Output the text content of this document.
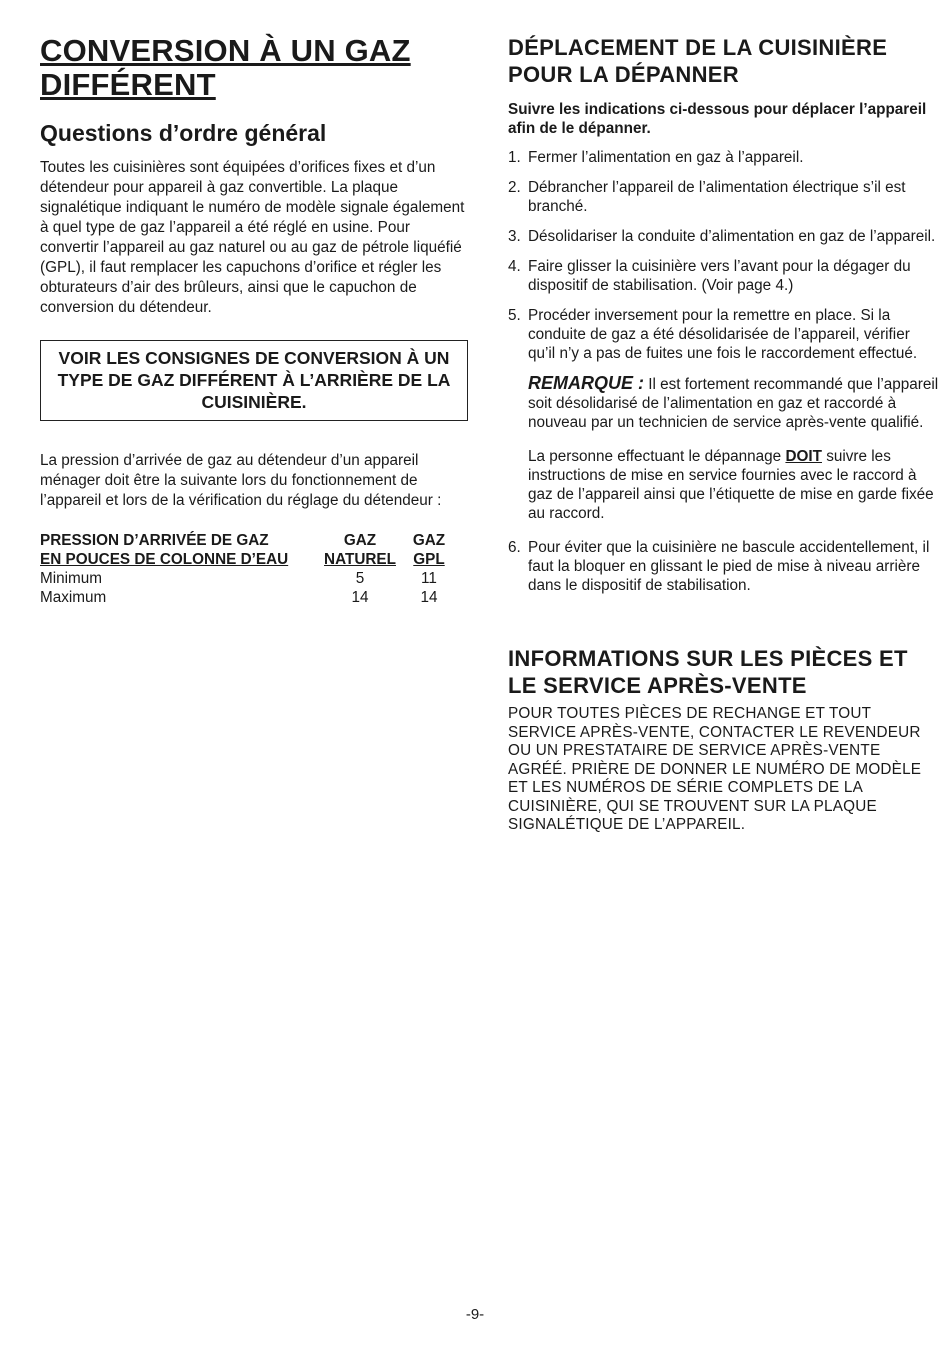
CONVERSION À UN GAZ DIFFÉRENT
Questions d’ordre général

Toutes les cuisinières sont équipées d’orifices fixes et d’un détendeur pour appareil à gaz convertible. La plaque signalétique indiquant le numéro de modèle signale également à quel type de gaz l’appareil a été réglé en usine. Pour convertir l’appareil au gaz naturel ou au gaz de pétrole liquéfié (GPL), il faut remplacer les capuchons d’orifice et régler les obturateurs d’air des brûleurs, ainsi que le capuchon de conversion du détendeur.

VOIR LES CONSIGNES DE CONVERSION À UN TYPE DE GAZ DIFFÉRENT À L’ARRIÈRE DE LA CUISINIÈRE.

La pression d’arrivée de gaz au détendeur d’un appareil ménager doit être la suivante lors du fonctionnement de l’appareil et lors de la vérification du réglage du détendeur :

PRESSION D’ARRIVÉE DE GAZ	GAZ	GAZ
EN POUCES DE COLONNE D’EAU	NATUREL	GPL
Minimum	5	11
Maximum	14	14
DÉPLACEMENT DE LA CUISINIÈRE POUR LA DÉPANNER

Suivre les indications ci-dessous pour déplacer l’appareil afin de le dépanner.

1. Fermer l’alimentation en gaz à l’appareil.
2. Débrancher l’appareil de l’alimentation électrique s’il est branché.
3. Désolidariser la conduite d’alimentation en gaz de l’appareil.
4. Faire glisser la cuisinière vers l’avant pour la dégager du dispositif de stabilisation. (Voir page 4.)
5. Procéder inversement pour la remettre en place. Si la conduite de gaz a été désolidarisée de l’appareil, vérifier qu’il n’y a pas de fuites une fois le raccordement effectué.

REMARQUE : Il est fortement recommandé que l’appareil soit désolidarisé de l’alimentation en gaz et raccordé à nouveau par un technicien de service après-vente qualifié.

La personne effectuant le dépannage DOIT suivre les instructions de mise en service fournies avec le raccord à gaz de l’appareil ainsi que l’étiquette de mise en garde fixée au raccord.

6. Pour éviter que la cuisinière ne bascule accidentellement, il faut la bloquer en glissant le pied de mise à niveau arrière dans le dispositif de stabilisation.
INFORMATIONS SUR LES PIÈCES ET LE SERVICE APRÈS-VENTE

POUR TOUTES PIÈCES DE RECHANGE ET TOUT SERVICE APRÈS-VENTE, CONTACTER LE REVENDEUR OU UN PRESTATAIRE DE SERVICE APRÈS-VENTE AGRÉÉ. PRIÈRE DE DONNER LE NUMÉRO DE MODÈLE ET LES NUMÉROS DE SÉRIE COMPLETS DE LA CUISINIÈRE, QUI SE TROUVENT SUR LA PLAQUE SIGNALÉTIQUE DE L’APPAREIL.

-9-
